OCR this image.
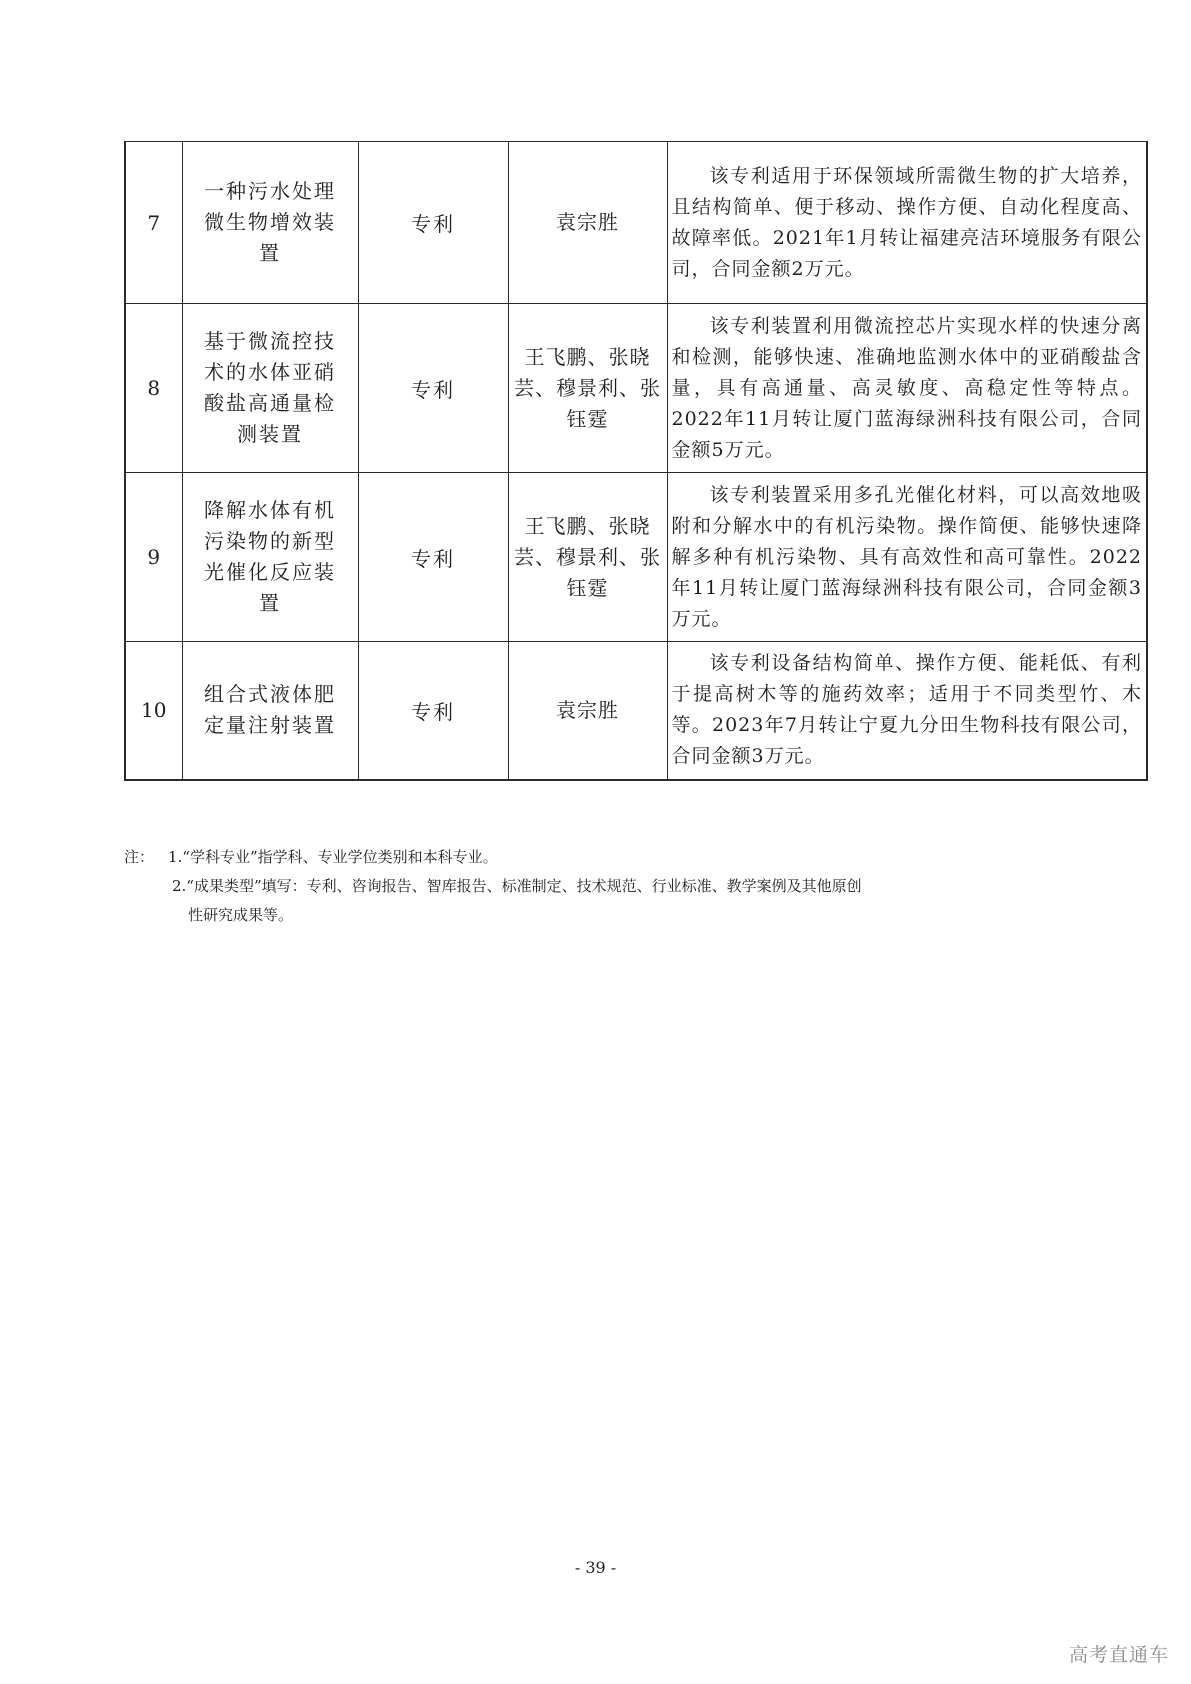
7	一种污水处理微生物增效装置	专利	袁宗胜	该专利适用于环保领域所需微生物的扩大培养，且结构简单、便于移动、操作方便、自动化程度高、故障率低。2021年1月转让福建亮洁环境服务有限公司，合同金额2万元。

8	基于微流控技术的水体亚硝酸盐高通量检测装置	专利	王飞鹏、张晓芸、穆景利、张钰霆	该专利装置利用微流控芯片实现水样的快速分离和检测，能够快速、准确地监测水体中的亚硝酸盐含量，具有高通量、高灵敏度、高稳定性等特点。2022年11月转让厦门蓝海绿洲科技有限公司，合同金额5万元。

9	降解水体有机污染物的新型光催化反应装置	专利	王飞鹏、张晓芸、穆景利、张钰霆	该专利装置采用多孔光催化材料，可以高效地吸附和分解水中的有机污染物。操作简便、能够快速降解多种有机污染物、具有高效性和高可靠性。2022年11月转让厦门蓝海绿洲科技有限公司，合同金额3万元。

10	组合式液体肥定量注射装置	专利	袁宗胜	该专利设备结构简单、操作方便、能耗低、有利于提高树木等的施药效率；适用于不同类型竹、木等。2023年7月转让宁夏九分田生物科技有限公司，合同金额3万元。
注： 1.“学科专业”指学科、专业学位类别和本科专业。
2.“成果类型”填写：专利、咨询报告、智库报告、标准制定、技术规范、行业标准、教学案例及其他原创
性研究成果等。
- 39 -
高考直通车
